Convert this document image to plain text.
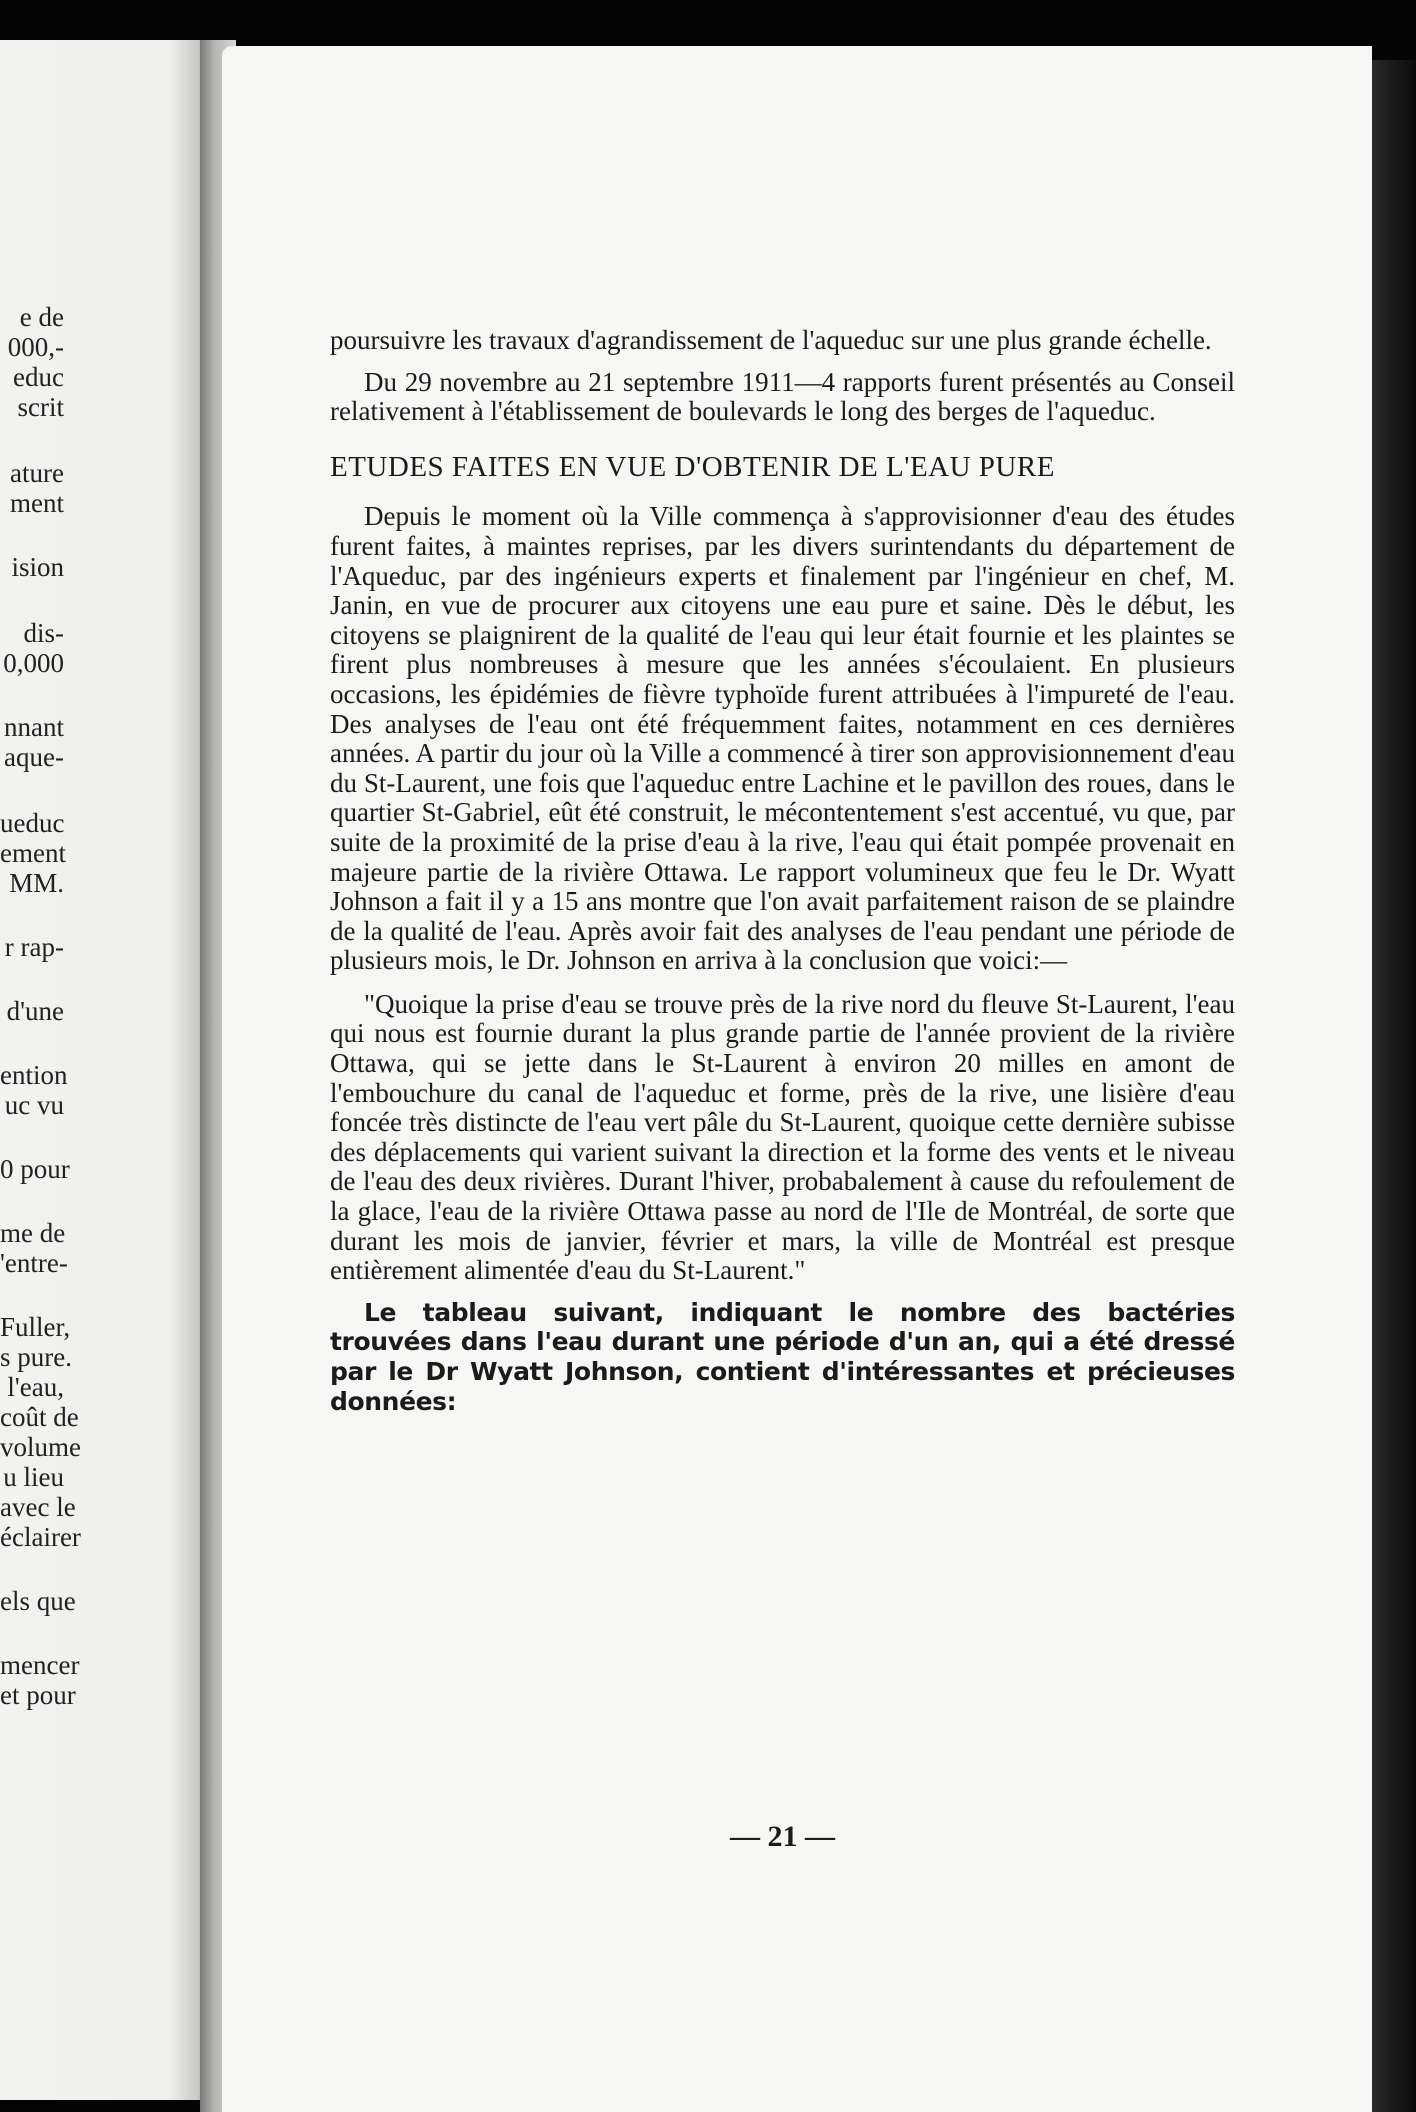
e de
000,-
educ
scrit
ature
ment
ision
dis-
0,000
nnant
aque-
ueduc
ement
MM.
r rap-
d'une
ention
uc vu
0 pour
me de
'entre-
Fuller,
s pure.
l'eau,
coût de
volume
u lieu
avec le
éclairer
els que
mencer
et pour

poursuivre les travaux d'agrandissement de l'aqueduc sur une plus grande échelle.

Du 29 novembre au 21 septembre 1911—4 rapports furent présentés au Conseil relativement à l'établissement de boulevards le long des berges de l'aqueduc.

ETUDES FAITES EN VUE D'OBTENIR DE L'EAU PURE

Depuis le moment où la Ville commença à s'approvisionner d'eau des études furent faites, à maintes reprises, par les divers surintendants du département de l'Aqueduc, par des ingénieurs experts et finalement par l'ingénieur en chef, M. Janin, en vue de procurer aux citoyens une eau pure et saine. Dès le début, les citoyens se plaignirent de la qualité de l'eau qui leur était fournie et les plaintes se firent plus nombreuses à mesure que les années s'écoulaient. En plusieurs occasions, les épidémies de fièvre typhoïde furent attribuées à l'impureté de l'eau. Des analyses de l'eau ont été fréquemment faites, notamment en ces dernières années. A partir du jour où la Ville a commencé à tirer son approvisionnement d'eau du St-Laurent, une fois que l'aqueduc entre Lachine et le pavillon des roues, dans le quartier St-Gabriel, eût été construit, le mécontentement s'est accentué, vu que, par suite de la proximité de la prise d'eau à la rive, l'eau qui était pompée provenait en majeure partie de la rivière Ottawa. Le rapport volumineux que feu le Dr. Wyatt Johnson a fait il y a 15 ans montre que l'on avait parfaitement raison de se plaindre de la qualité de l'eau. Après avoir fait des analyses de l'eau pendant une période de plusieurs mois, le Dr. Johnson en arriva à la conclusion que voici:—

"Quoique la prise d'eau se trouve près de la rive nord du fleuve St-Laurent, l'eau qui nous est fournie durant la plus grande partie de l'année provient de la rivière Ottawa, qui se jette dans le St-Laurent à environ 20 milles en amont de l'embouchure du canal de l'aqueduc et forme, près de la rive, une lisière d'eau foncée très distincte de l'eau vert pâle du St-Laurent, quoique cette dernière subisse des déplacements qui varient suivant la direction et la forme des vents et le niveau de l'eau des deux rivières. Durant l'hiver, probabalement à cause du refoulement de la glace, l'eau de la rivière Ottawa passe au nord de l'Ile de Montréal, de sorte que durant les mois de janvier, février et mars, la ville de Montréal est presque entièrement alimentée d'eau du St-Laurent."

Le tableau suivant, indiquant le nombre des bactéries trouvées dans l'eau durant une période d'un an, qui a été dressé par le Dr Wyatt Johnson, contient d'intéressantes et précieuses données:

— 21 —
